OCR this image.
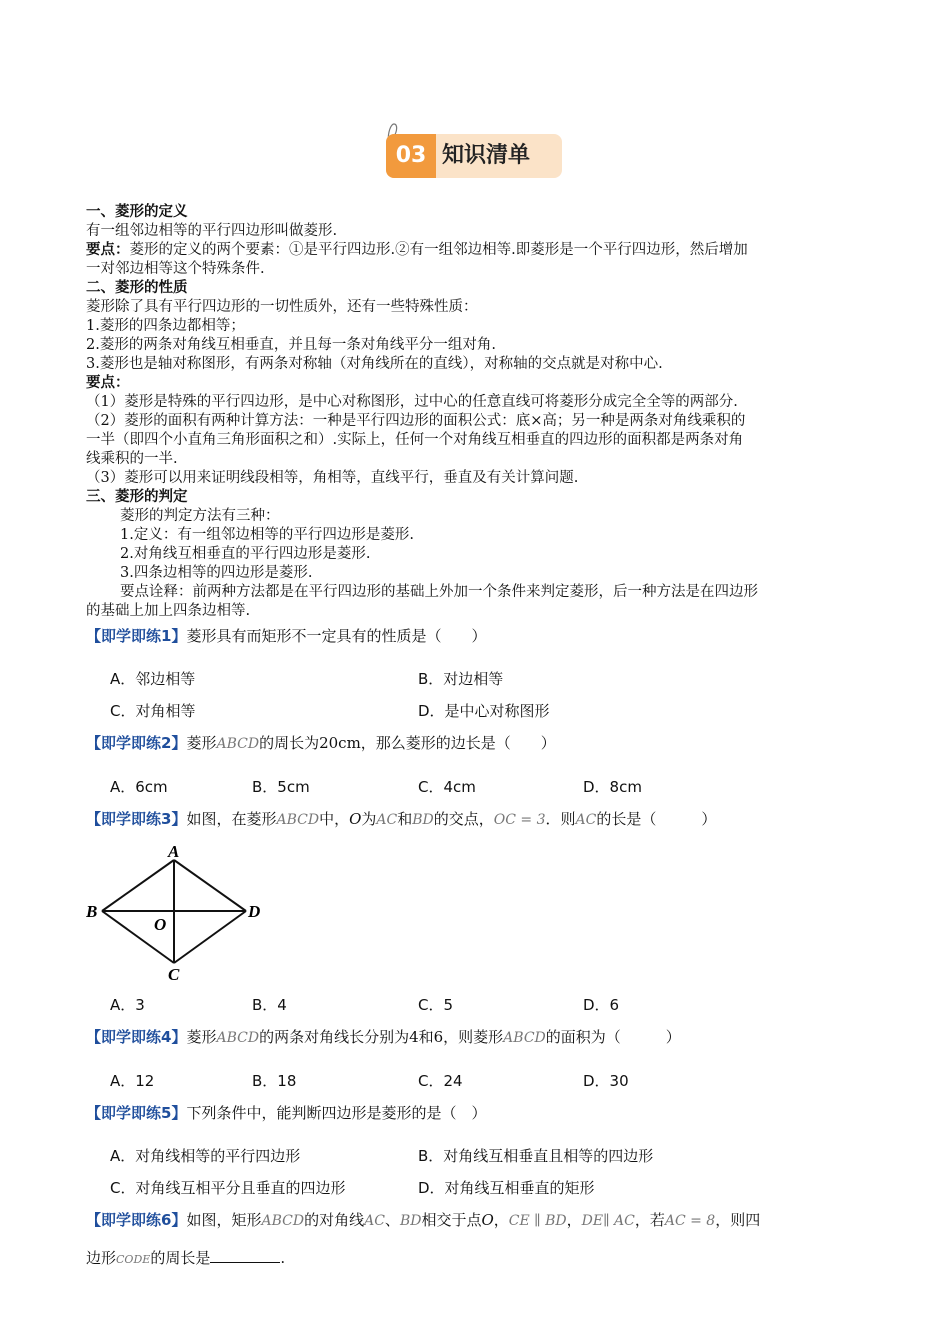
03 知识清单

一、菱形的定义

有一组邻边相等的平行四边形叫做菱形.

要点：菱形的定义的两个要素：①是平行四边形.②有一组邻边相等.即菱形是一个平行四边形，然后增加

一对邻边相等这个特殊条件.

二、菱形的性质

菱形除了具有平行四边形的一切性质外，还有一些特殊性质：

1.菱形的四条边都相等；

2.菱形的两条对角线互相垂直，并且每一条对角线平分一组对角.

3.菱形也是轴对称图形，有两条对称轴（对角线所在的直线），对称轴的交点就是对称中心.

要点：

（1）菱形是特殊的平行四边形，是中心对称图形，过中心的任意直线可将菱形分成完全全等的两部分.

（2）菱形的面积有两种计算方法：一种是平行四边形的面积公式：底×高；另一种是两条对角线乘积的

一半（即四个小直角三角形面积之和）.实际上，任何一个对角线互相垂直的四边形的面积都是两条对角

线乘积的一半.

（3）菱形可以用来证明线段相等，角相等，直线平行，垂直及有关计算问题.

三、菱形的判定

菱形的判定方法有三种：

1.定义：有一组邻边相等的平行四边形是菱形.

2.对角线互相垂直的平行四边形是菱形.

3.四条边相等的四边形是菱形.

要点诠释：前两种方法都是在平行四边形的基础上外加一个条件来判定菱形，后一种方法是在四边形

的基础上加上四条边相等.

【即学即练1】菱形具有而矩形不一定具有的性质是（　　）

A．邻边相等	B．对边相等
C．对角相等	D．是中心对称图形

【即学即练2】菱形ABCD的周长为20cm，那么菱形的边长是（　　）

A．6cm	B．5cm	C．4cm	D．8cm

【即学即练3】如图，在菱形ABCD中，O为AC和BD的交点，OC = 3．则AC的长是（　　　）

A
B
C
D
O
A．3	B．4	C．5	D．6

【即学即练4】菱形ABCD的两条对角线长分别为4和6，则菱形ABCD的面积为（　　　）

A．12	B．18	C．24	D．30

【即学即练5】下列条件中，能判断四边形是菱形的是（　）

A．对角线相等的平行四边形	B．对角线互相垂直且相等的四边形
C．对角线互相平分且垂直的四边形	D．对角线互相垂直的矩形

【即学即练6】如图，矩形ABCD的对角线AC、BD相交于点O，CE ∥ BD，DE∥ AC，若AC = 8，则四

边形CODE的周长是	.
